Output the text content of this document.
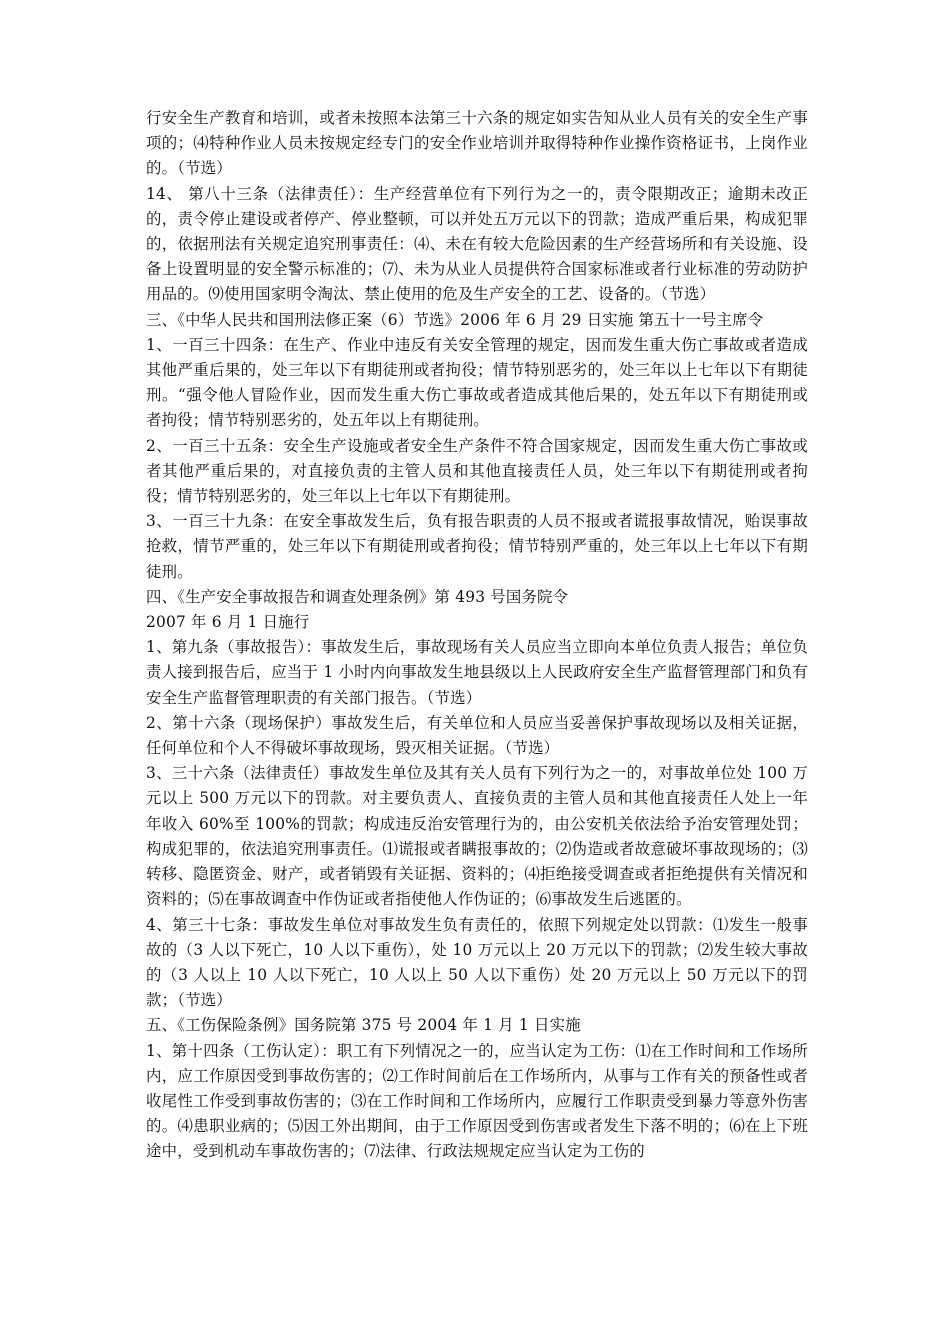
行安全生产教育和培训，或者未按照本法第三十六条的规定如实告知从业人员有关的安全生产事项的；⑷特种作业人员未按规定经专门的安全作业培训并取得特种作业操作资格证书，上岗作业的。（节选）

14、 第八十三条（法律责任）：生产经营单位有下列行为之一的，责令限期改正；逾期未改正的，责令停止建设或者停产、停业整顿，可以并处五万元以下的罚款；造成严重后果，构成犯罪的，依据刑法有关规定追究刑事责任：⑷、未在有较大危险因素的生产经营场所和有关设施、设备上设置明显的安全警示标准的；⑺、未为从业人员提供符合国家标准或者行业标准的劳动防护用品的。⑼使用国家明令淘汰、禁止使用的危及生产安全的工艺、设备的。（节选）

三、《中华人民共和国刑法修正案（6）节选》2006 年 6 月 29 日实施 第五十一号主席令

1、一百三十四条：在生产、作业中违反有关安全管理的规定，因而发生重大伤亡事故或者造成其他严重后果的，处三年以下有期徒刑或者拘役；情节特别恶劣的，处三年以上七年以下有期徒刑。“强令他人冒险作业，因而发生重大伤亡事故或者造成其他后果的，处五年以下有期徒刑或者拘役；情节特别恶劣的，处五年以上有期徒刑。

2、一百三十五条：安全生产设施或者安全生产条件不符合国家规定，因而发生重大伤亡事故或者其他严重后果的，对直接负责的主管人员和其他直接责任人员，处三年以下有期徒刑或者拘役；情节特别恶劣的，处三年以上七年以下有期徒刑。

3、一百三十九条：在安全事故发生后，负有报告职责的人员不报或者谎报事故情况，贻误事故抢救，情节严重的，处三年以下有期徒刑或者拘役；情节特别严重的，处三年以上七年以下有期徒刑。

四、《生产安全事故报告和调查处理条例》第 493 号国务院令

2007 年 6 月 1 日施行

1、第九条（事故报告）：事故发生后，事故现场有关人员应当立即向本单位负责人报告；单位负责人接到报告后，应当于 1 小时内向事故发生地县级以上人民政府安全生产监督管理部门和负有安全生产监督管理职责的有关部门报告。（节选）

2、第十六条（现场保护）事故发生后，有关单位和人员应当妥善保护事故现场以及相关证据，任何单位和个人不得破坏事故现场，毁灭相关证据。（节选）

3、三十六条（法律责任）事故发生单位及其有关人员有下列行为之一的，对事故单位处 100 万元以上 500 万元以下的罚款。对主要负责人、直接负责的主管人员和其他直接责任人处上一年年收入 60%至 100%的罚款；构成违反治安管理行为的，由公安机关依法给予治安管理处罚；构成犯罪的，依法追究刑事责任。⑴谎报或者瞒报事故的；⑵伪造或者故意破坏事故现场的；⑶转移、隐匿资金、财产，或者销毁有关证据、资料的；⑷拒绝接受调查或者拒绝提供有关情况和资料的；⑸在事故调查中作伪证或者指使他人作伪证的；⑹事故发生后逃匿的。

4、第三十七条：事故发生单位对事故发生负有责任的，依照下列规定处以罚款：⑴发生一般事故的（3 人以下死亡，10 人以下重伤），处 10 万元以上 20 万元以下的罚款；⑵发生较大事故的（3 人以上 10 人以下死亡，10 人以上 50 人以下重伤）处 20 万元以上 50 万元以下的罚款；（节选）

五、《工伤保险条例》国务院第 375 号 2004 年 1 月 1 日实施

1、第十四条（工伤认定）：职工有下列情况之一的，应当认定为工伤：⑴在工作时间和工作场所内，应工作原因受到事故伤害的；⑵工作时间前后在工作场所内，从事与工作有关的预备性或者收尾性工作受到事故伤害的；⑶在工作时间和工作场所内，应履行工作职责受到暴力等意外伤害的。⑷患职业病的；⑸因工外出期间，由于工作原因受到伤害或者发生下落不明的；⑹在上下班途中，受到机动车事故伤害的；⑺法律、行政法规规定应当认定为工伤的
